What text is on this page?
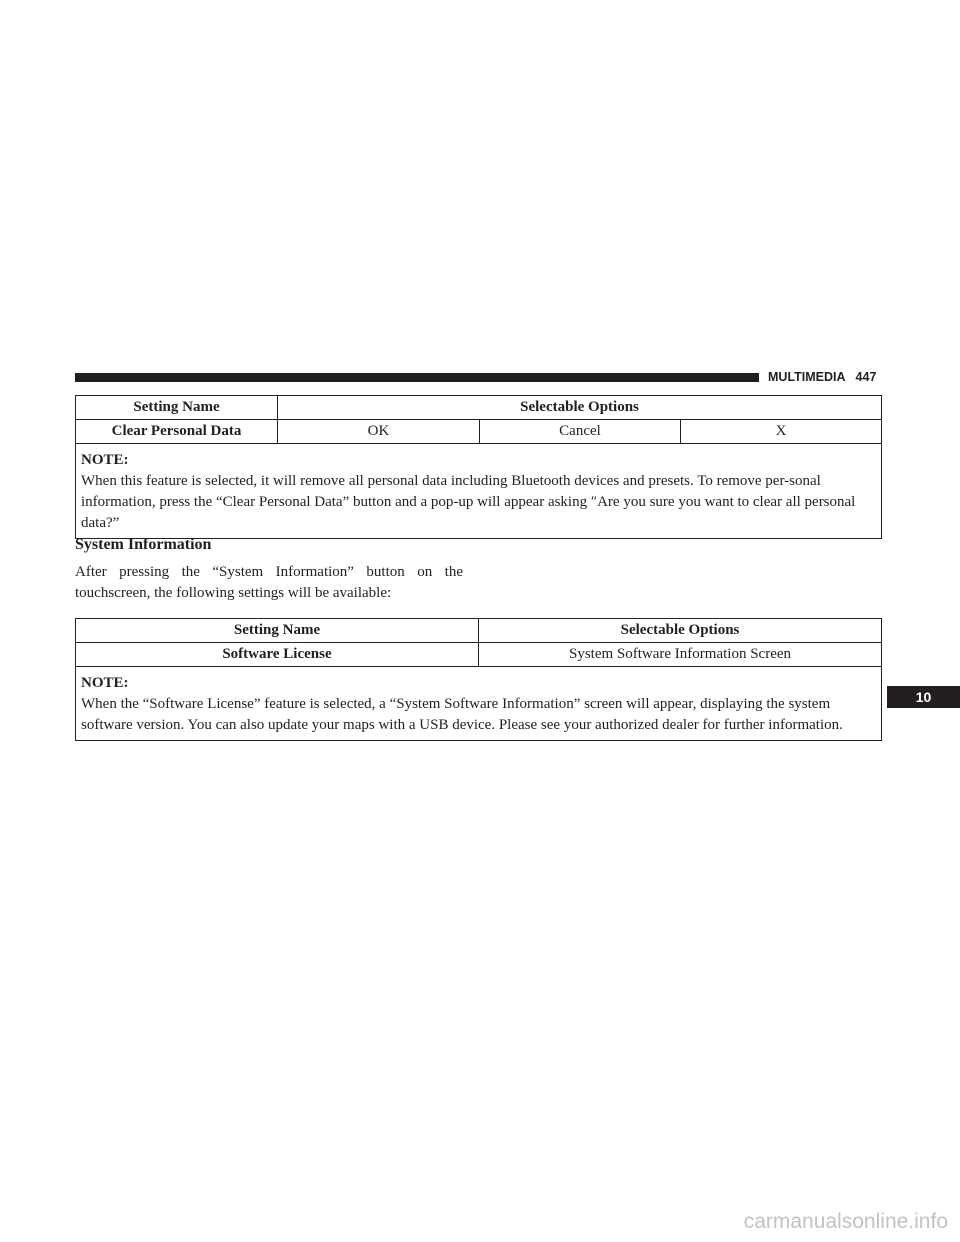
MULTIMEDIA 447
Setting Name	Selectable Options		
Clear Personal Data	OK	Cancel	X

NOTE:
When this feature is selected, it will remove all personal data including Bluetooth devices and presets. To remove per-sonal information, press the “Clear Personal Data” button and a pop-up will appear asking ″Are you sure you want to clear all personal data?”			
System Information
After pressing the “System Information” button on the touchscreen, the following settings will be available:
Setting Name	Selectable Options
Software License	System Software Information Screen

NOTE:
When the “Software License” feature is selected, a “System Software Information” screen will appear, displaying the system software version. You can also update your maps with a USB device. Please see your authorized dealer for further information.	
10
carmanualsonline.info
